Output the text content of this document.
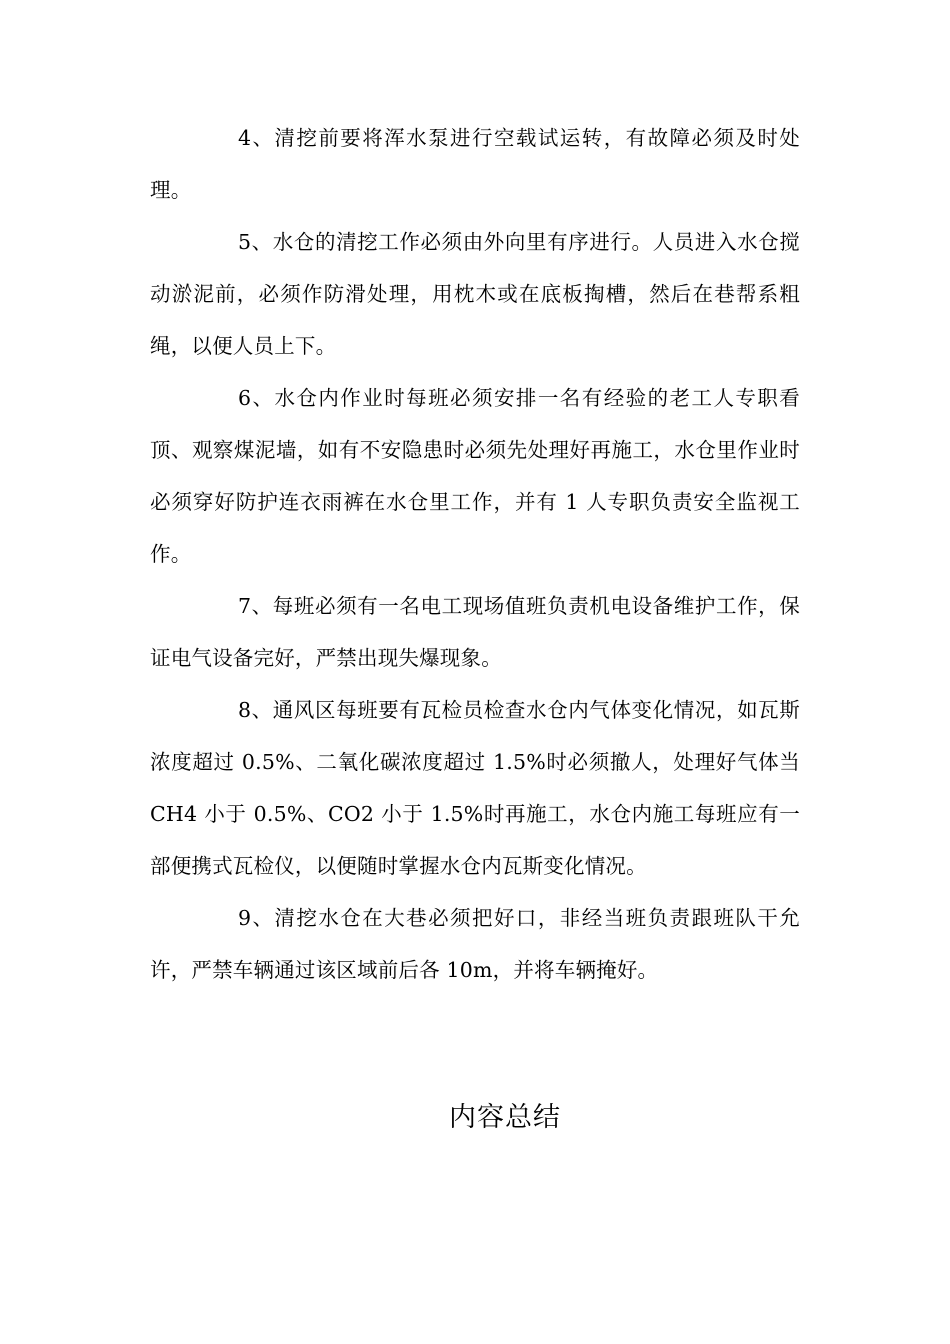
4、清挖前要将浑水泵进行空载试运转，有故障必须及时处理。

5、水仓的清挖工作必须由外向里有序进行。人员进入水仓搅动淤泥前，必须作防滑处理，用枕木或在底板掏槽，然后在巷帮系粗绳，以便人员上下。

6、水仓内作业时每班必须安排一名有经验的老工人专职看顶、观察煤泥墙，如有不安隐患时必须先处理好再施工，水仓里作业时必须穿好防护连衣雨裤在水仓里工作，并有 1 人专职负责安全监视工作。

7、每班必须有一名电工现场值班负责机电设备维护工作，保证电气设备完好，严禁出现失爆现象。

8、通风区每班要有瓦检员检查水仓内气体变化情况，如瓦斯浓度超过 0.5%、二氧化碳浓度超过 1.5%时必须撤人，处理好气体当 CH4 小于 0.5%、CO2 小于 1.5%时再施工，水仓内施工每班应有一部便携式瓦检仪，以便随时掌握水仓内瓦斯变化情况。

9、清挖水仓在大巷必须把好口，非经当班负责跟班队干允许，严禁车辆通过该区域前后各 10m，并将车辆掩好。

内容总结
